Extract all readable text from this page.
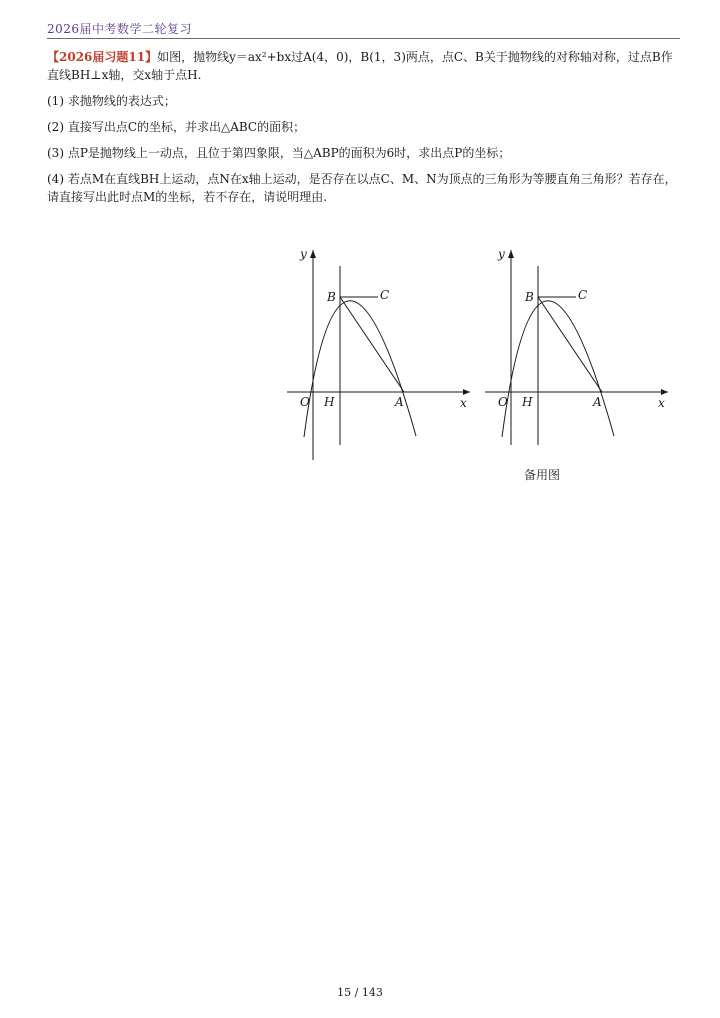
2026届中考数学二轮复习

【2026届习题11】如图，抛物线y＝ax²+bx过A(4，0)，B(1，3)两点，点C、B关于抛物线的对称轴对称，过点B作直线BH⊥x轴，交x轴于点H.

(1) 求抛物线的表达式；

(2) 直接写出点C的坐标，并求出△ABC的面积；

(3) 点P是抛物线上一动点，且位于第四象限，当△ABP的面积为6时，求出点P的坐标；

(4) 若点M在直线BH上运动，点N在x轴上运动，是否存在以点C、M、N为顶点的三角形为等腰直角三角形？若存在，请直接写出此时点M的坐标，若不存在，请说明理由.

y
x
O H	A
B	C
y
x
O H	A
B	C
备用图
15 / 143
